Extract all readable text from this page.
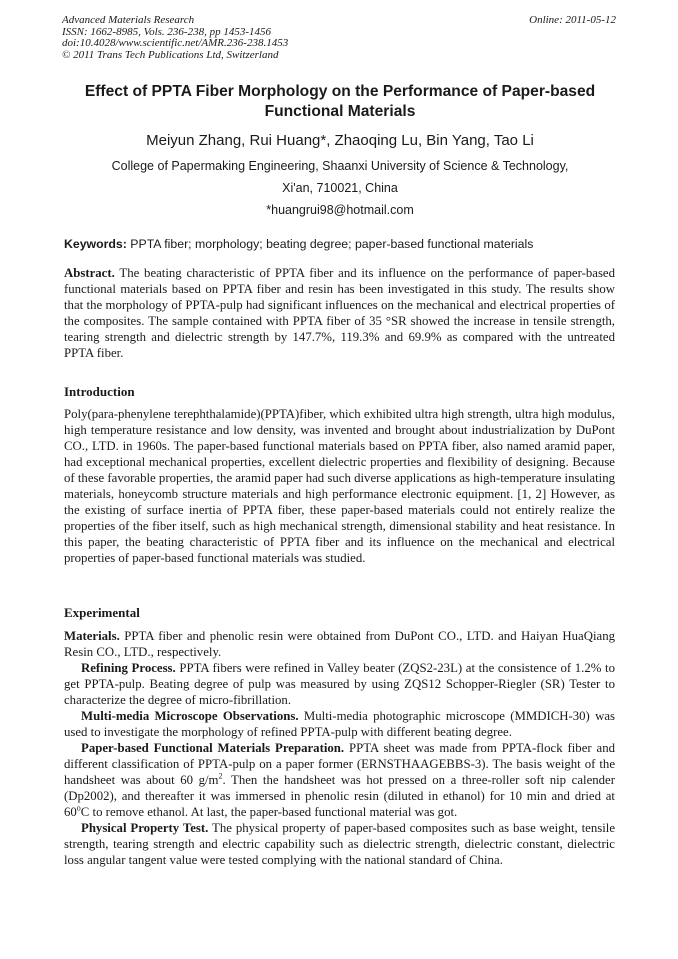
Advanced Materials Research
ISSN: 1662-8985, Vols. 236-238, pp 1453-1456
doi:10.4028/www.scientific.net/AMR.236-238.1453
© 2011 Trans Tech Publications Ltd, Switzerland
Online: 2011-05-12
Effect of PPTA Fiber Morphology on the Performance of Paper-based Functional Materials
Meiyun Zhang, Rui Huang*, Zhaoqing Lu, Bin Yang, Tao Li
College of Papermaking Engineering, Shaanxi University of Science & Technology,
Xi'an, 710021, China
*huangrui98@hotmail.com
Keywords: PPTA fiber; morphology; beating degree; paper-based functional materials

Abstract. The beating characteristic of PPTA fiber and its influence on the performance of paper-based functional materials based on PPTA fiber and resin has been investigated in this study. The results show that the morphology of PPTA-pulp had significant influences on the mechanical and electrical properties of the composites. The sample contained with PPTA fiber of 35 °SR showed the increase in tensile strength, tearing strength and dielectric strength by 147.7%, 119.3% and 69.9% as compared with the untreated PPTA fiber.

Introduction

Poly(para-phenylene terephthalamide)(PPTA)fiber, which exhibited ultra high strength, ultra high modulus, high temperature resistance and low density, was invented and brought about industrialization by DuPont CO., LTD. in 1960s. The paper-based functional materials based on PPTA fiber, also named aramid paper, had exceptional mechanical properties, excellent dielectric properties and flexibility of designing. Because of these favorable properties, the aramid paper had such diverse applications as high-temperature insulating materials, honeycomb structure materials and high performance electronic equipment. [1, 2] However, as the existing of surface inertia of PPTA fiber, these paper-based materials could not entirely realize the properties of the fiber itself, such as high mechanical strength, dimensional stability and heat resistance. In this paper, the beating characteristic of PPTA fiber and its influence on the mechanical and electrical properties of paper-based functional materials was studied.

Experimental

Materials. PPTA fiber and phenolic resin were obtained from DuPont CO., LTD. and Haiyan HuaQiang Resin CO., LTD., respectively.

Refining Process. PPTA fibers were refined in Valley beater (ZQS2-23L) at the consistence of 1.2% to get PPTA-pulp. Beating degree of pulp was measured by using ZQS12 Schopper-Riegler (SR) Tester to characterize the degree of micro-fibrillation.

Multi-media Microscope Observations. Multi-media photographic microscope (MMDICH-30) was used to investigate the morphology of refined PPTA-pulp with different beating degree.

Paper-based Functional Materials Preparation. PPTA sheet was made from PPTA-flock fiber and different classification of PPTA-pulp on a paper former (ERNSTHAAGEBBS-3). The basis weight of the handsheet was about 60 $g/m^2$. Then the handsheet was hot pressed on a three-roller soft nip calender (Dp2002), and thereafter it was immersed in phenolic resin (diluted in ethanol) for 10 min and dried at 60$^o$C to remove ethanol. At last, the paper-based functional material was got.

Physical Property Test. The physical property of paper-based composites such as base weight, tensile strength, tearing strength and electric capability such as dielectric strength, dielectric constant, dielectric loss angular tangent value were tested complying with the national standard of China.
